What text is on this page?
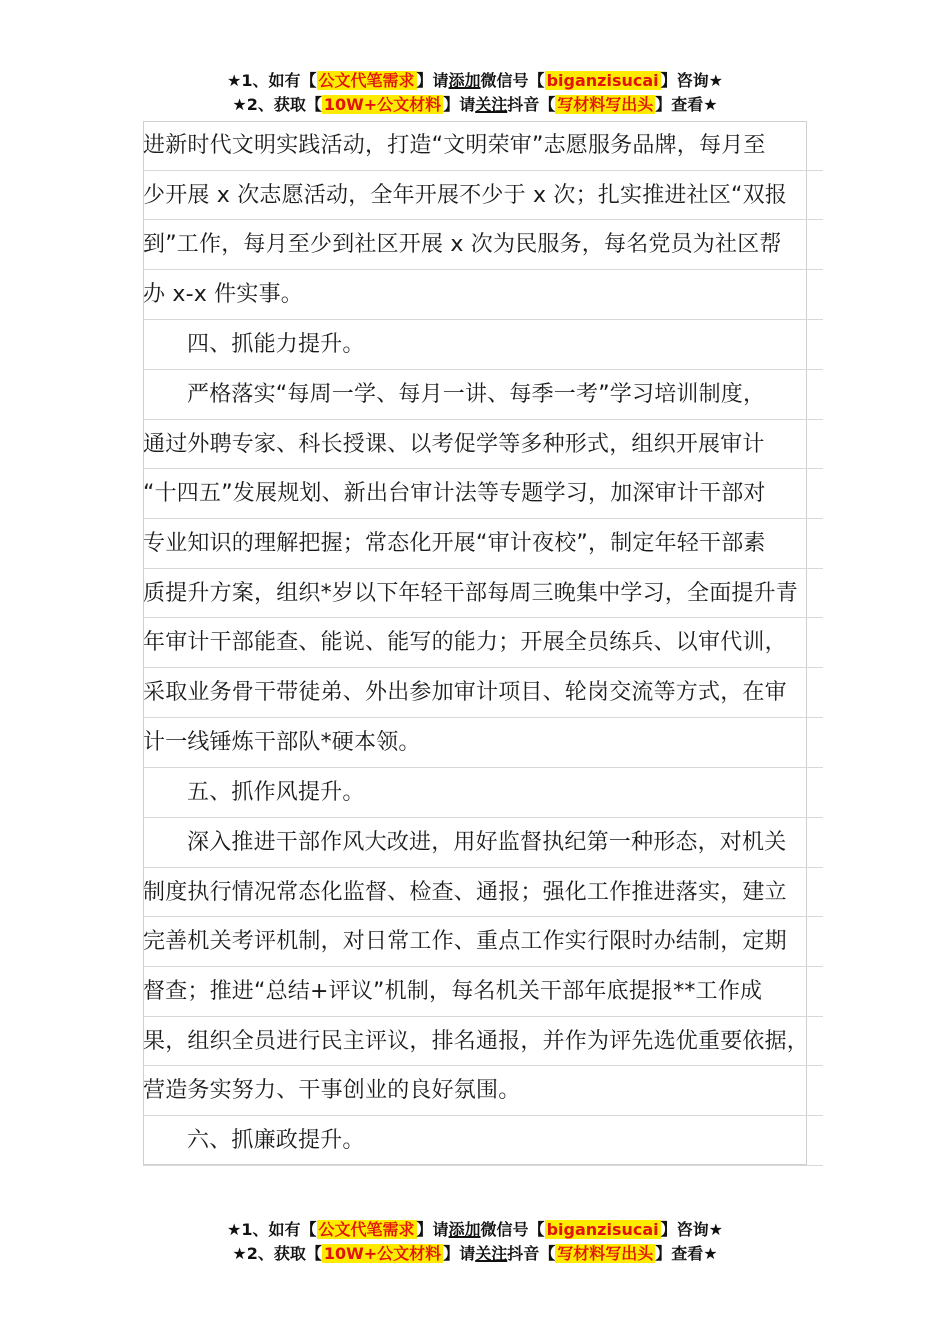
★1、如有【 公文代笔需求 】请添加微信号【 biganzisucai 】咨询★
★2、获取【 10W+公文材料 】请关注抖音【 写材料写出头 】查看★
进新时代文明实践活动，打造“文明荣审”志愿服务品牌，每月至
少开展 x 次志愿活动，全年开展不少于 x 次；扎实推进社区“双报
到”工作，每月至少到社区开展 x 次为民服务，每名党员为社区帮
办 x-x 件实事。
四、抓能力提升。
严格落实“每周一学、每月一讲、每季一考”学习培训制度，
通过外聘专家、科长授课、以考促学等多种形式，组织开展审计
“十四五”发展规划、新出台审计法等专题学习，加深审计干部对
专业知识的理解把握；常态化开展“审计夜校”，制定年轻干部素
质提升方案，组织*岁以下年轻干部每周三晚集中学习，全面提升青
年审计干部能查、能说、能写的能力；开展全员练兵、以审代训，
采取业务骨干带徒弟、外出参加审计项目、轮岗交流等方式，在审
计一线锤炼干部队*硬本领。
五、抓作风提升。
深入推进干部作风大改进，用好监督执纪第一种形态，对机关
制度执行情况常态化监督、检查、通报；强化工作推进落实，建立
完善机关考评机制，对日常工作、重点工作实行限时办结制，定期
督查；推进“总结+评议”机制，每名机关干部年底提报**工作成
果，组织全员进行民主评议，排名通报，并作为评先选优重要依据，
营造务实努力、干事创业的良好氛围。
六、抓廉政提升。
★1、如有【 公文代笔需求 】请添加微信号【 biganzisucai 】咨询★
★2、获取【 10W+公文材料 】请关注抖音【 写材料写出头 】查看★
